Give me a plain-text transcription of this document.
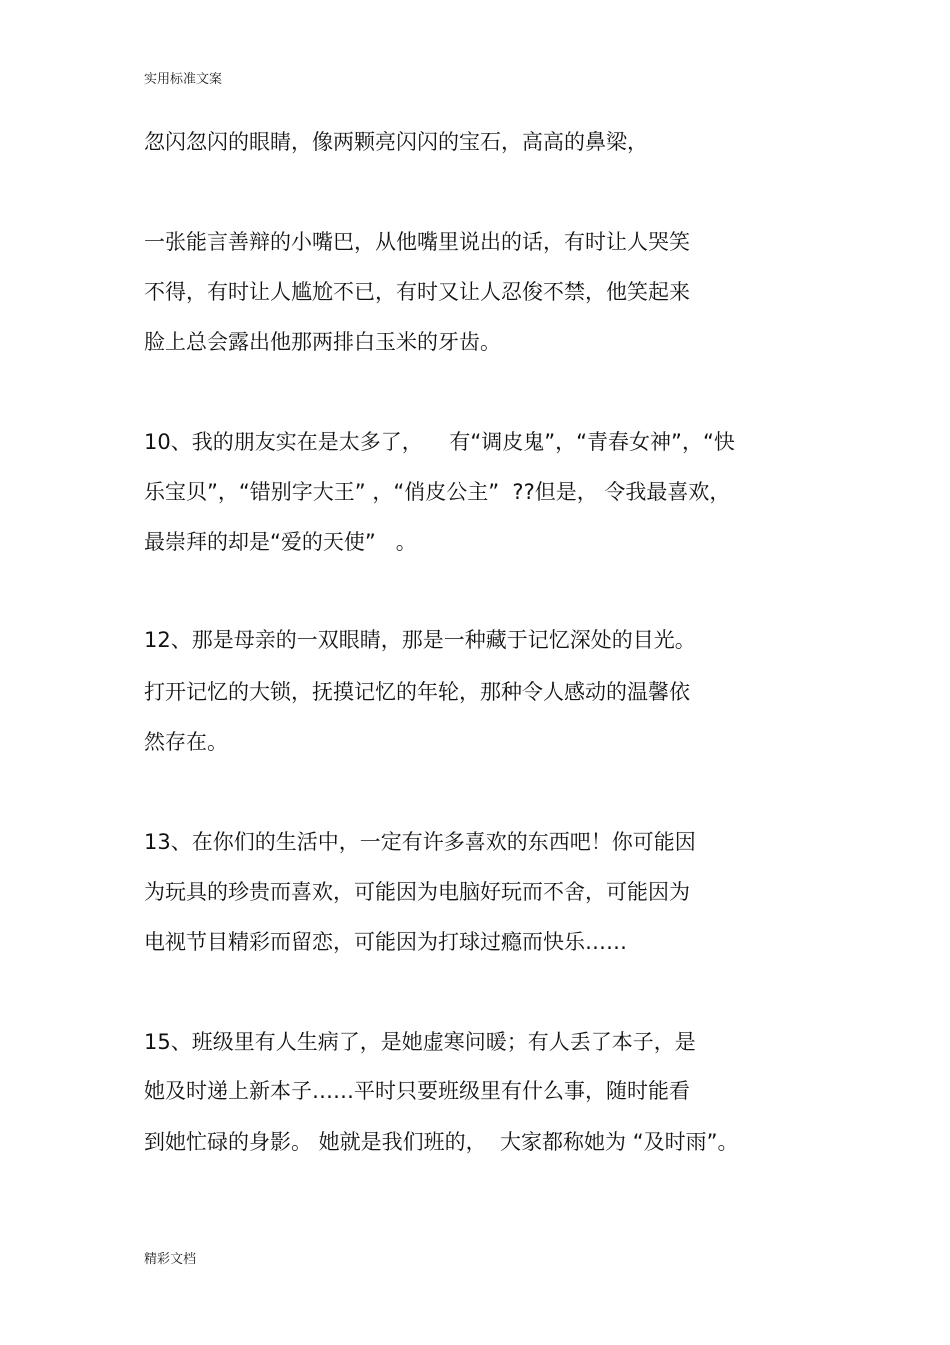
实用标准文案
忽闪忽闪的眼睛，像两颗亮闪闪的宝石，高高的鼻梁，
一张能言善辩的小嘴巴，从他嘴里说出的话，有时让人哭笑
不得，有时让人尴尬不已，有时又让人忍俊不禁，他笑起来
脸上总会露出他那两排白玉米的牙齿。
10、我的朋友实在是太多了，    有“调皮鬼”，“青春女神”，“快
乐宝贝”，“错别字大王” ，“俏皮公主”  ??但是， 令我最喜欢，
最崇拜的却是“爱的天使”   。
12、那是母亲的一双眼睛，那是一种藏于记忆深处的目光。
打开记忆的大锁，抚摸记忆的年轮，那种令人感动的温馨依
然存在。
13、在你们的生活中，一定有许多喜欢的东西吧！你可能因
为玩具的珍贵而喜欢，可能因为电脑好玩而不舍，可能因为
电视节目精彩而留恋，可能因为打球过瘾而快乐……
15、班级里有人生病了，是她虚寒问暖；有人丢了本子，是
她及时递上新本子……平时只要班级里有什么事，随时能看
到她忙碌的身影。 她就是我们班的，  大家都称她为 “及时雨”。
精彩文档
